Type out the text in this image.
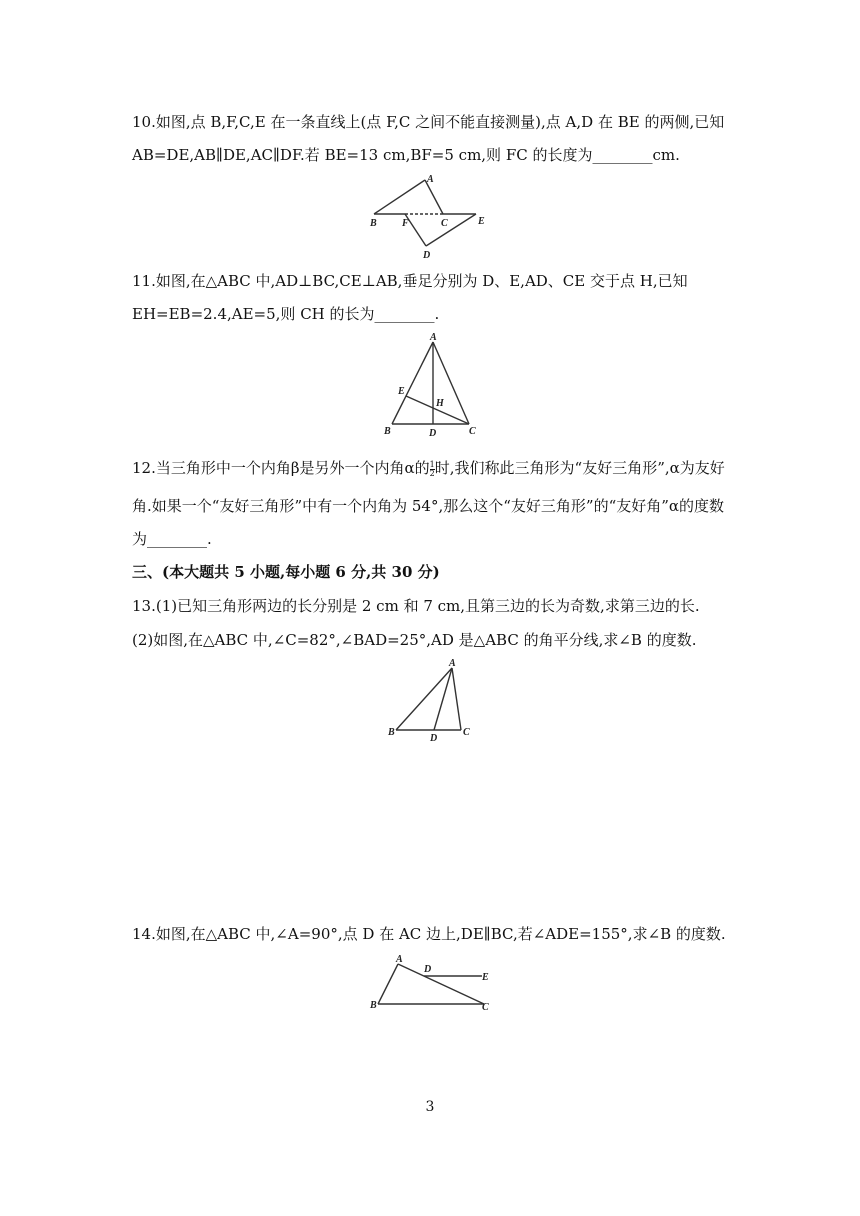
10.如图,点 B,F,C,E 在一条直线上(点 F,C 之间不能直接测量),点 A,D 在 BE 的两侧,已知
AB=DE,AB∥DE,AC∥DF.若 BE=13 cm,BF=5 cm,则 FC 的长度为________cm.
A
B	F	C	E
D
11.如图,在△ABC 中,AD⊥BC,CE⊥AB,垂足分别为 D、E,AD、CE 交于点 H,已知
EH=EB=2.4,AE=5,则 CH 的长为________.
A
E
H
B	D	C
12.当三角形中一个内角β是另外一个内角α的 $\frac{1}{2}$ 时,我们称此三角形为“友好三角形”,α为友好
角.如果一个“友好三角形”中有一个内角为 54°,那么这个“友好三角形”的“友好角”α的度数
为________.
三、(本大题共 5 小题,每小题 6 分,共 30 分)
13.(1)已知三角形两边的长分别是 2 cm 和 7 cm,且第三边的长为奇数,求第三边的长.
(2)如图,在△ABC 中,∠C=82°,∠BAD=25°,AD 是△ABC 的角平分线,求∠B 的度数.
A
B
D
C
14.如图,在△ABC 中,∠A=90°,点 D 在 AC 边上,DE∥BC,若∠ADE=155°,求∠B 的度数.
A
D
E
B	C
3
